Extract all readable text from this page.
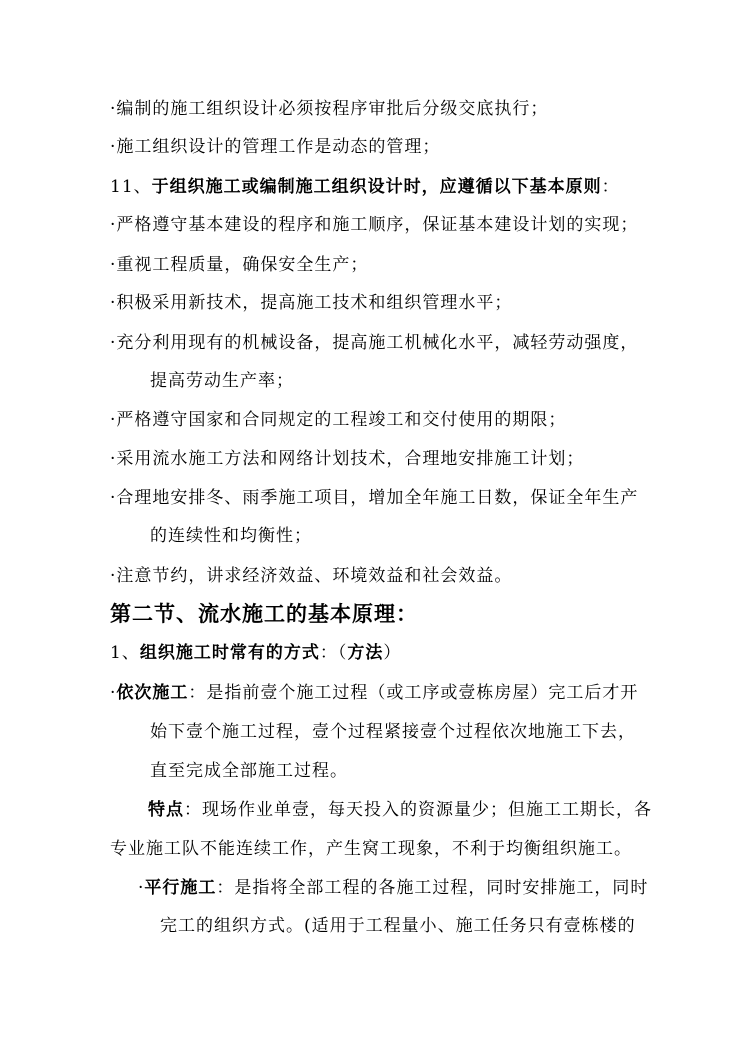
·编制的施工组织设计必须按程序审批后分级交底执行；
·施工组织设计的管理工作是动态的管理；
11、于组织施工或编制施工组织设计时，应遵循以下基本原则：
·严格遵守基本建设的程序和施工顺序，保证基本建设计划的实现；
·重视工程质量，确保安全生产；
·积极采用新技术，提高施工技术和组织管理水平；
·充分利用现有的机械设备，提高施工机械化水平，减轻劳动强度，
提高劳动生产率；
·严格遵守国家和合同规定的工程竣工和交付使用的期限；
·采用流水施工方法和网络计划技术，合理地安排施工计划；
·合理地安排冬、雨季施工项目，增加全年施工日数，保证全年生产
的连续性和均衡性；
·注意节约，讲求经济效益、环境效益和社会效益。
第二节、流水施工的基本原理：
1、组织施工时常有的方式：（方法）
·依次施工：是指前壹个施工过程（或工序或壹栋房屋）完工后才开
始下壹个施工过程，壹个过程紧接壹个过程依次地施工下去，
直至完成全部施工过程。
特点：现场作业单壹，每天投入的资源量少；但施工工期长，各
专业施工队不能连续工作，产生窝工现象，不利于均衡组织施工。
·平行施工：是指将全部工程的各施工过程，同时安排施工，同时
完工的组织方式。(适用于工程量小、施工任务只有壹栋楼的
